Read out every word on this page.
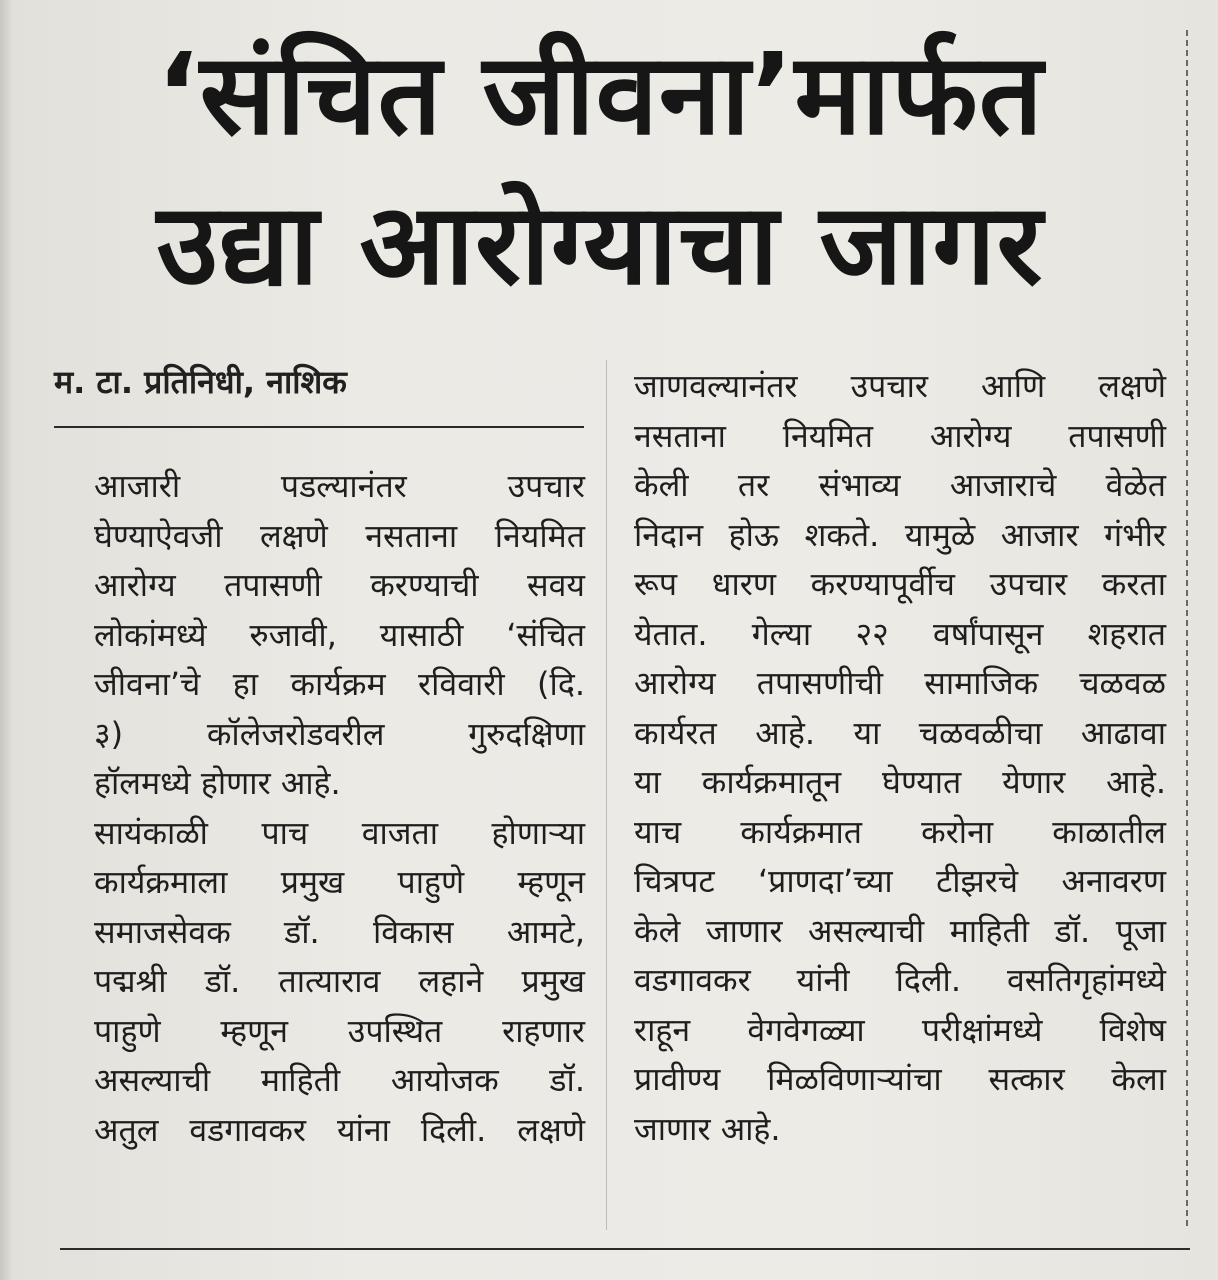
‘संचित जीवना’मार्फत
उद्या आरोग्याचा जागर
म. टा. प्रतिनिधी, नाशिक

आजारी पडल्यानंतर उपचार
घेण्याऐवजी लक्षणे नसताना नियमित
आरोग्य तपासणी करण्याची सवय
लोकांमध्ये रुजावी, यासाठी ‘संचित
जीवना’चे हा कार्यक्रम रविवारी (दि.
३) कॉलेजरोडवरील गुरुदक्षिणा
हॉलमध्ये होणार आहे.

सायंकाळी पाच वाजता होणाऱ्या
कार्यक्रमाला प्रमुख पाहुणे म्हणून
समाजसेवक डॉ. विकास आमटे,
पद्मश्री डॉ. तात्याराव लहाने प्रमुख
पाहुणे म्हणून उपस्थित राहणार
असल्याची माहिती आयोजक डॉ.
अतुल वडगावकर यांना दिली. लक्षणे

जाणवल्यानंतर उपचार आणि लक्षणे
नसताना नियमित आरोग्य तपासणी
केली तर संभाव्य आजाराचे वेळेत
निदान होऊ शकते. यामुळे आजार गंभीर
रूप धारण करण्यापूर्वीच उपचार करता
येतात. गेल्या २२ वर्षांपासून शहरात
आरोग्य तपासणीची सामाजिक चळवळ
कार्यरत आहे. या चळवळीचा आढावा
या कार्यक्रमातून घेण्यात येणार आहे.
याच कार्यक्रमात करोना काळातील
चित्रपट ‘प्राणदा’च्या टीझरचे अनावरण
केले जाणार असल्याची माहिती डॉ. पूजा
वडगावकर यांनी दिली. वसतिगृहांमध्ये
राहून वेगवेगळ्या परीक्षांमध्ये विशेष
प्रावीण्य मिळविणाऱ्यांचा सत्कार केला
जाणार आहे.
